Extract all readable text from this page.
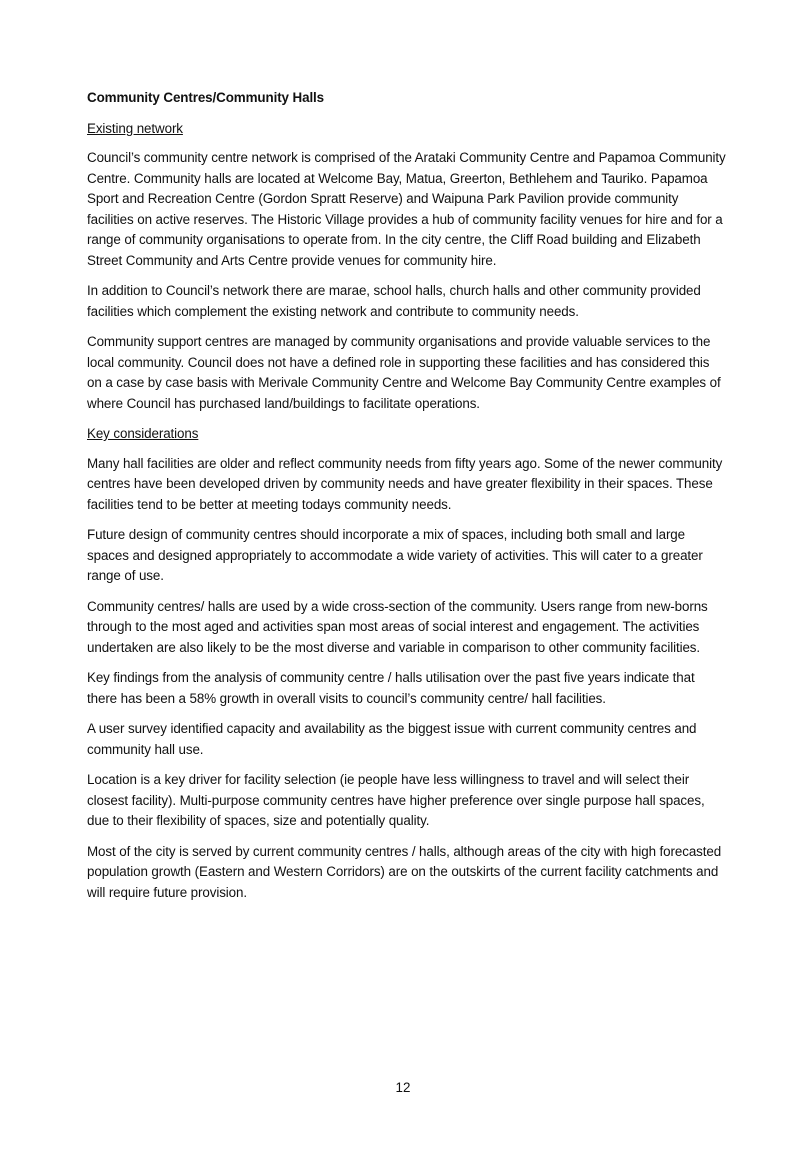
Community Centres/Community Halls
Existing network

Council’s community centre network is comprised of the Arataki Community Centre and Papamoa Community Centre. Community halls are located at Welcome Bay, Matua, Greerton, Bethlehem and Tauriko. Papamoa Sport and Recreation Centre (Gordon Spratt Reserve) and Waipuna Park Pavilion provide community facilities on active reserves. The Historic Village provides a hub of community facility venues for hire and for a range of community organisations to operate from. In the city centre, the Cliff Road building and Elizabeth Street Community and Arts Centre provide venues for community hire.

In addition to Council’s network there are marae, school halls, church halls and other community provided facilities which complement the existing network and contribute to community needs.

Community support centres are managed by community organisations and provide valuable services to the local community. Council does not have a defined role in supporting these facilities and has considered this on a case by case basis with Merivale Community Centre and Welcome Bay Community Centre examples of where Council has purchased land/buildings to facilitate operations.

Key considerations

Many hall facilities are older and reflect community needs from fifty years ago. Some of the newer community centres have been developed driven by community needs and have greater flexibility in their spaces. These facilities tend to be better at meeting todays community needs.

Future design of community centres should incorporate a mix of spaces, including both small and large spaces and designed appropriately to accommodate a wide variety of activities. This will cater to a greater range of use.

Community centres/ halls are used by a wide cross-section of the community. Users range from new-borns through to the most aged and activities span most areas of social interest and engagement. The activities undertaken are also likely to be the most diverse and variable in comparison to other community facilities.

Key findings from the analysis of community centre / halls utilisation over the past five years indicate that there has been a 58% growth in overall visits to council’s community centre/ hall facilities.

A user survey identified capacity and availability as the biggest issue with current community centres and community hall use.

Location is a key driver for facility selection (ie people have less willingness to travel and will select their closest facility). Multi-purpose community centres have higher preference over single purpose hall spaces, due to their flexibility of spaces, size and potentially quality.

Most of the city is served by current community centres / halls, although areas of the city with high forecasted population growth (Eastern and Western Corridors) are on the outskirts of the current facility catchments and will require future provision.

12
